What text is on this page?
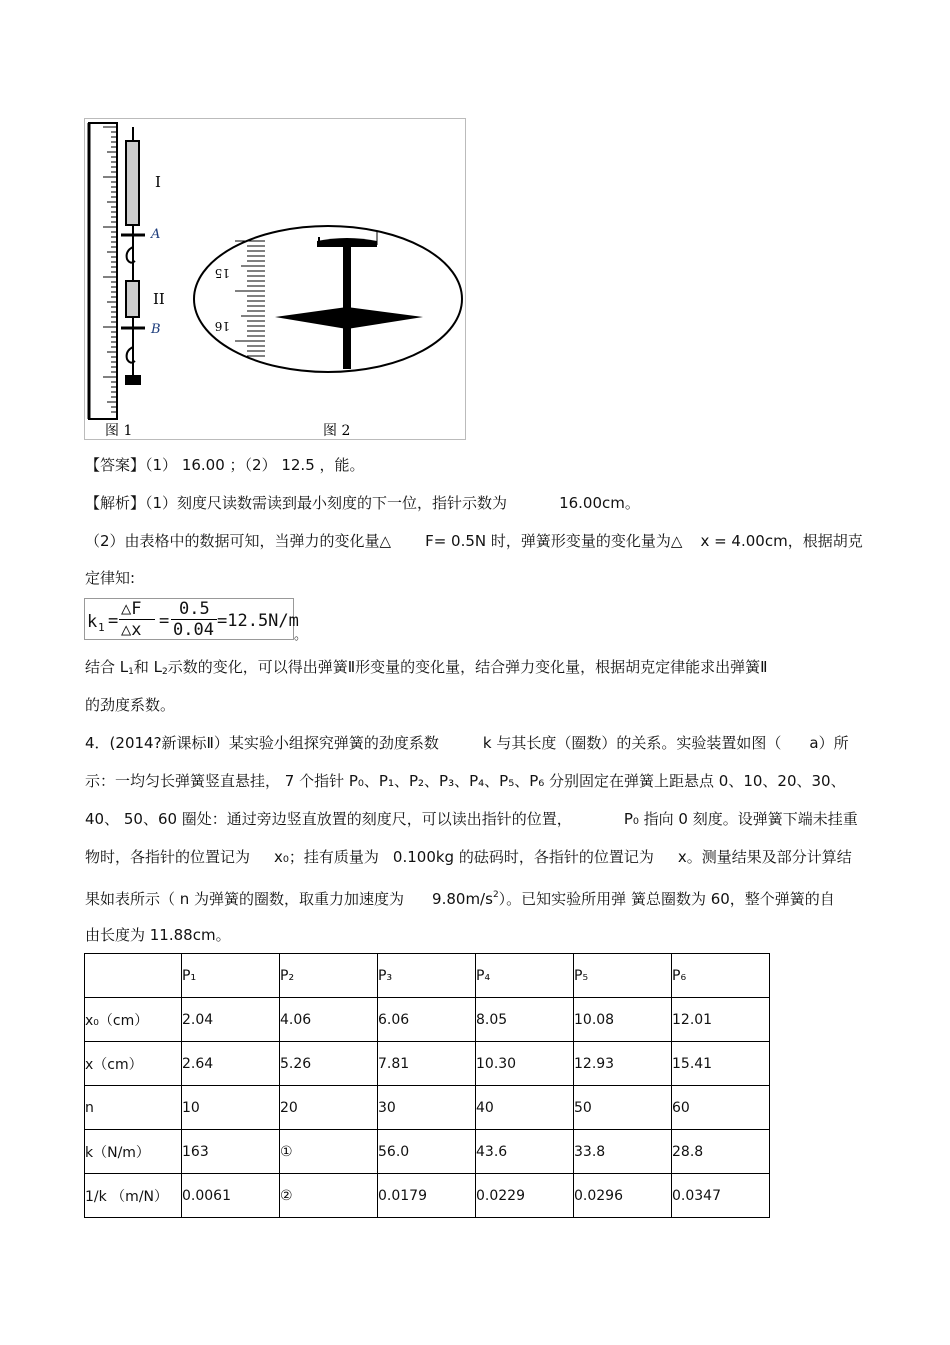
I
A
II
B
15
16
图 1	图 2
【答案】（1） 16.00 ；（2） 12.5 ，能。
【解析】（1）刻度尺读数需读到最小刻度的下一位，指针示数为	16.00cm。
（2）由表格中的数据可知，当弹力的变化量△ F= 0.5N 时，弹簧形变量的变化量为△ x = 4.00cm，根据胡克
定律知:
k 1 =
△F
△x =
0.5
0.04 =12.5N/m
。
结合 $L_1$和 $L_2$示数的变化，可以得出弹簧Ⅱ形变量的变化量，结合弹力变化量，根据胡克定律能求出弹簧Ⅱ
的劲度系数。
4．(2014?新课标Ⅱ）某实验小组探究弹簧的劲度系数	k 与其长度（圈数）的关系。实验装置如图（ a）所
示：一均匀长弹簧竖直悬挂， 7 个指针 P₀、P₁、P₂、P₃、P₄、P₅、P₆ 分别固定在弹簧上距悬点 0、10、20、30、
40、 50、60 圈处：通过旁边竖直放置的刻度尺，可以读出指针的位置，	P₀ 指向 0 刻度。设弹簧下端未挂重
物时，各指针的位置记为 x₀；挂有质量为 0.100kg 的砝码时，各指针的位置记为 x。测量结果及部分计算结
果如表所示（ n 为弹簧的圈数，取重力加速度为 $9.80m/s^2$）。已知实验所用弹 簧总圈数为 60，整个弹簧的自
由长度为 11.88cm。
	P₁	P₂	P₃	P₄	P₅	P₆
x₀（cm）	2.04	4.06	6.06	8.05	10.08	12.01
x（cm）	2.64	5.26	7.81	10.30	12.93	15.41
n	10	20	30	40	50	60
k（N/m）	163	①	56.0	43.6	33.8	28.8
1/k （m/N）	0.0061	②	0.0179	0.0229	0.0296	0.0347
